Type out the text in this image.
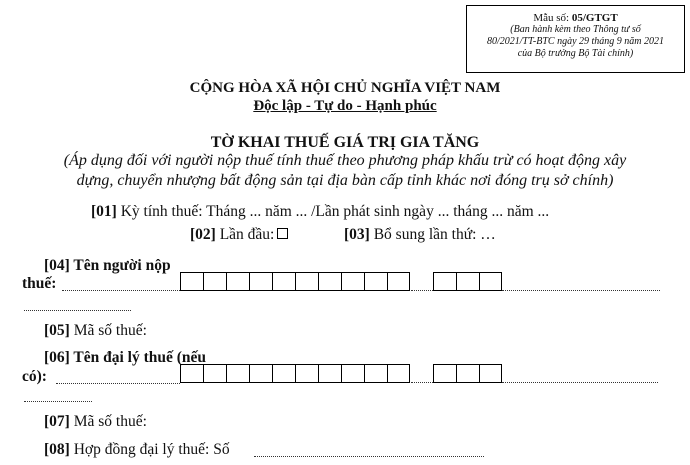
Mẫu số: 05/GTGT
(Ban hành kèm theo Thông tư số
80/2021/TT-BTC ngày 29 tháng 9 năm 2021
của Bộ trưởng Bộ Tài chính)
CỘNG HÒA XÃ HỘI CHỦ NGHĨA VIỆT NAM
Độc lập - Tự do - Hạnh phúc
TỜ KHAI THUẾ GIÁ TRỊ GIA TĂNG
(Áp dụng đối với người nộp thuế tính thuế theo phương pháp khấu trừ có hoạt động xây
dựng, chuyển nhượng bất động sản tại địa bàn cấp tỉnh khác nơi đóng trụ sở chính)
[01] Kỳ tính thuế: Tháng ... năm ... /Lần phát sinh ngày ... tháng ... năm ...
[02] Lần đầu:	[03] Bổ sung lần thứ: …
[04] Tên người nộp
thuế:
[05] Mã số thuế:
[06] Tên đại lý thuế (nếu
có):
[07] Mã số thuế:
[08] Hợp đồng đại lý thuế: Số
